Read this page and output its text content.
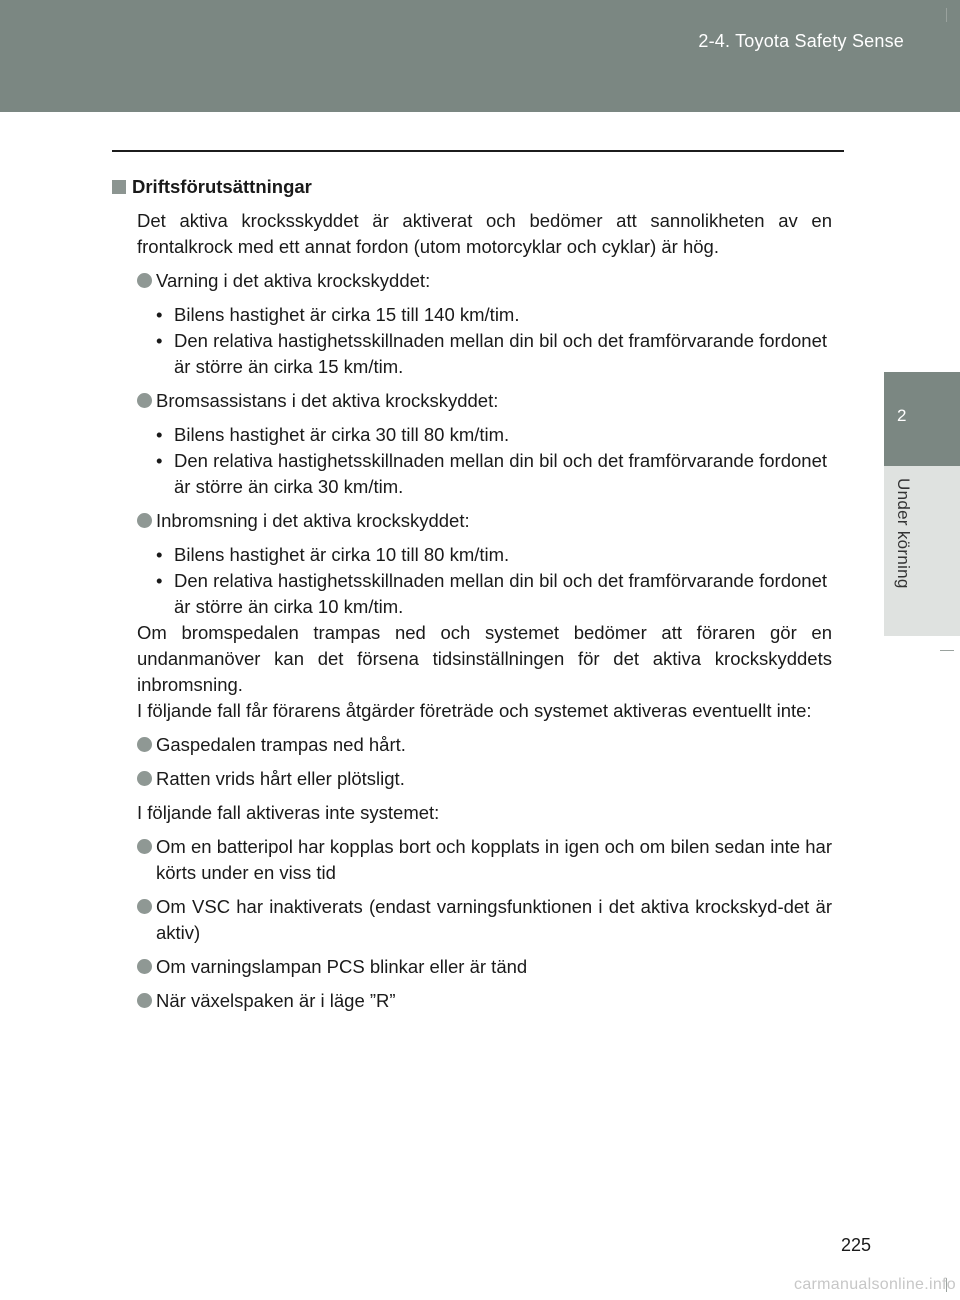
2-4. Toyota Safety Sense
2
Under körning
Driftsförutsättningar

Det aktiva krocksskyddet är aktiverat och bedömer att sannolikheten av en frontalkrock med ett annat fordon (utom motorcyklar och cyklar) är hög.

Varning i det aktiva krockskyddet:
• Bilens hastighet är cirka 15 till 140 km/tim.
• Den relativa hastighetsskillnaden mellan din bil och det framförvarande fordonet är större än cirka 15 km/tim.
Bromsassistans i det aktiva krockskyddet:
• Bilens hastighet är cirka 30 till 80 km/tim.
• Den relativa hastighetsskillnaden mellan din bil och det framförvarande fordonet är större än cirka 30 km/tim.
Inbromsning i det aktiva krockskyddet:
• Bilens hastighet är cirka 10 till 80 km/tim.
• Den relativa hastighetsskillnaden mellan din bil och det framförvarande fordonet är större än cirka 10 km/tim.

Om bromspedalen trampas ned och systemet bedömer att föraren gör en undanmanöver kan det försena tidsinställningen för det aktiva krockskyddets inbromsning.

I följande fall får förarens åtgärder företräde och systemet aktiveras eventuellt inte:

Gaspedalen trampas ned hårt.
Ratten vrids hårt eller plötsligt.

I följande fall aktiveras inte systemet:

Om en batteripol har kopplas bort och kopplats in igen och om bilen sedan inte har körts under en viss tid
Om VSC har inaktiverats (endast varningsfunktionen i det aktiva krockskyd-det är aktiv)
Om varningslampan PCS blinkar eller är tänd
När växelspaken är i läge ”R”
225
carmanualsonline.info
